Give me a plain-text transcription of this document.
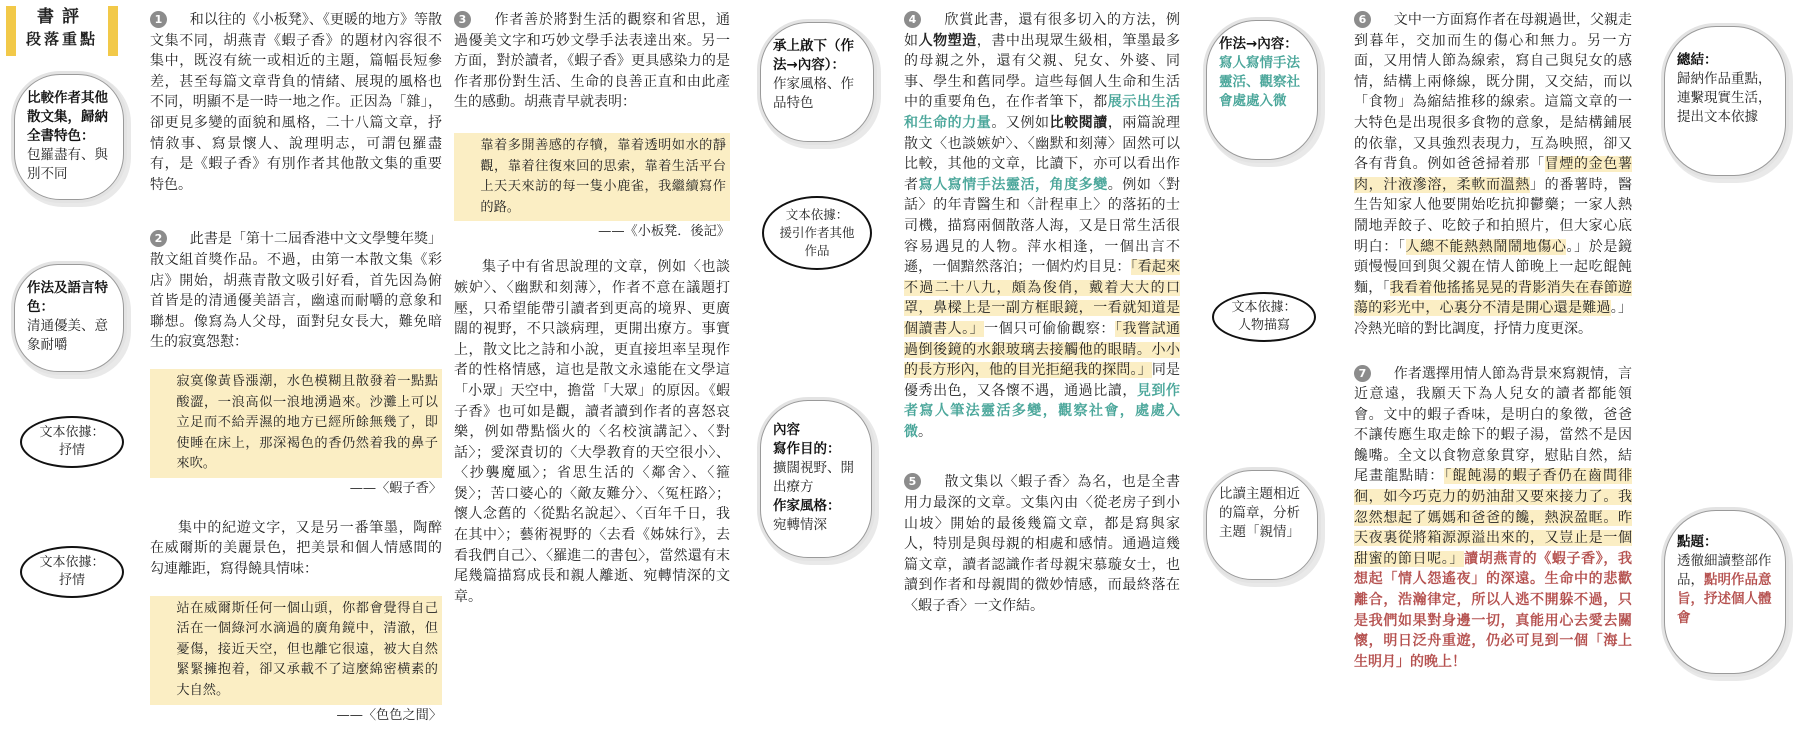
書評
段落重點
比較作者其他散文集，歸納全書特色：
包羅盡有、與別不同
作法及語言特色：
清通優美、意象耐嚼
文本依據：
抒情
文本依據：
抒情

1 和以往的《小板凳》、《更暖的地方》等散文集不同，胡燕青《蝦子香》的題材內容很不集中，既沒有統一或相近的主題，篇幅長短參差，甚至每篇文章背負的情緒、展現的風格也不同，明顯不是一時一地之作。正因為「雜」，卻更見多變的面貌和風格，二十八篇文章，抒情敘事、寫景懷人、說理明志，可謂包羅盡有，是《蝦子香》有別作者其他散文集的重要特色。

2 此書是「第十二屆香港中文文學雙年獎」散文組首獎作品。不過，由第一本散文集《彩店》開始，胡燕青散文吸引好看，首先因為俯首皆是的清通優美語言，幽遠而耐嚼的意象和聯想。像寫為人父母，面對兒女長大，難免暗生的寂寞怨懟：

寂寞像黃昏漲潮，水色模糊且散發着一點點酸澀，一浪高似一浪地湧過來。沙灘上可以立足而不給弄濕的地方已經所餘無幾了，即使睡在床上，那深褐色的香仍然着我的鼻子來吹。

——〈蝦子香〉

集中的紀遊文字，又是另一番筆墨，陶醉在威爾斯的美麗景色，把美景和個人情感間的勾連離距，寫得饒具情味：

站在威爾斯任何一個山頭，你都會覺得自己活在一個綠河水滴過的廣角鏡中，清澈，但憂傷，接近天空，但也離它很遠，被大自然緊緊擁抱着，卻又承載不了這麼綿密横素的大自然。

——〈色色之間〉

3 作者善於將對生活的觀察和省思，通過優美文字和巧妙文學手法表達出來。另一方面，對於讀者，《蝦子香》更具感染力的是作者那份對生活、生命的良善正直和由此產生的感動。胡燕青早就表明：

靠着多開善感的存犢，靠着透明如水的靜觀，靠着往復來回的思索，靠着生活平台上天天來訪的每一隻小鹿雀，我繼續寫作的路。

——《小板凳．後記》

集子中有省思說理的文章，例如〈也談嫉妒〉、〈幽默和刻薄〉，作者不意在議題打壓，只希望能帶引讀者到更高的境界、更廣闊的視野，不只談病理，更開出療方。事實上，散文比之詩和小說，更直接坦率呈現作者的性格情感，這也是散文永遠能在文學這「小眾」天空中，擔當「大眾」的原因。《蝦子香》也可如是觀，讀者讀到作者的喜怒哀樂，例如帶點惱火的〈名校演講記〉、〈對話〉；愛深責切的〈大學教育的天空很小〉、〈抄襲魔風〉；省思生活的〈鄰舍〉、〈箍煲〉；苦口婆心的〈敵友難分〉、〈冤枉路〉；懷人念舊的〈從點名說起〉、〈百年千日，我在其中〉；藝術視野的〈去看《姊妹行》，去看我們自己〉、〈羅進二的書包〉，當然還有末尾幾篇描寫成長和親人離逝、宛轉情深的文章。

承上啟下（作法→內容）：
作家風格、作品特色
文本依據：
援引作者其他作品
內容
寫作目的：
擴闊視野、開出療方
作家風格：
宛轉情深

4 欣賞此書，還有很多切入的方法，例如人物塑造，書中出現眾生級相，筆墨最多的母親之外，還有父親、兒女、外婆、同事、學生和舊同學。這些每個人生命和生活中的重要角色，在作者筆下，都展示出生活和生命的力量。又例如比較閱讀，兩篇說理散文〈也談嫉妒〉、〈幽默和刻薄〉固然可以比較，其他的文章，比讀下，亦可以看出作者寫人寫情手法靈活，角度多變。例如〈對話〉的年青醫生和〈計程車上〉的落拓的士司機，描寫兩個散落人海，又是日常生活很容易遇見的人物。萍水相逢，一個出言不遜，一個黯然落泊；一個灼灼目見：「看起來不過二十八九，頗為俊俏，戴着大大的口罩，鼻樑上是一副方框眼鏡，一看就知道是個讀書人。」一個只可偷偷觀察：「我嘗試通過倒後鏡的水銀玻璃去接觸他的眼睛。小小的長方形內，他的目光拒絕我的探問。」同是優秀出色，又各懷不遇，通過比讀，見到作者寫人筆法靈活多變，觀察社會，處處入微。

5 散文集以〈蝦子香〉為名，也是全書用力最深的文章。文集內由〈從老房子到小山坡〉開始的最後幾篇文章，都是寫與家人，特別是與母親的相處和感情。通過這幾篇文章，讀者認識作者母親宋慕璇女士，也讀到作者和母親間的微妙情感，而最終落在〈蝦子香〉一文作結。

作法→內容：
寫人寫情手法靈活、觀察社會處處入微
文本依據：
人物描寫
比讀主題相近的篇章，分析主題「親情」

6 文中一方面寫作者在母親過世，父親走到暮年，交加而生的傷心和無力。另一方面，又用情人節為線索，寫自己與兒女的感情，結構上兩條線，既分開，又交結，而以「食物」為縮結推移的線索。這篇文章的一大特色是出現很多食物的意象，是結構鋪展的依靠，又具強烈表現力，互為映照，卻又各有背負。例如爸爸掃着那「冒煙的金色薯肉，汁液滲溶，柔軟而溫熱」的番薯時，醫生告知家人他要開始吃抗抑鬱藥；一家人熱鬧地弄餃子、吃餃子和拍照片，但大家心底明白：「人總不能熱熱鬧鬧地傷心。」於是鏡頭慢慢回到與父親在情人節晚上一起吃餛飩麵，「我看着他搖搖晃晃的背影消失在春節遊蕩的彩光中，心裏分不清是開心還是難過。」冷熱光暗的對比調度，抒情力度更深。

7 作者選擇用情人節為背景來寫親情，言近意遠，我願天下為人兒女的讀者都能領會。文中的蝦子香味，是明白的象徵，爸爸不讓传應生取走餘下的蝦子湯，當然不是因饞嘴。全文以食物意象貫穿，慰貼自然，結尾畫龍點睛：「餛飩湯的蝦子香仍在齒間徘徊，如今巧克力的奶油甜又要來接力了。我忽然想起了媽媽和爸爸的饞，熱淚盈眶。昨天夜裏從將箱源源溢出來的，又豈止是一個甜蜜的節日呢。」讀胡燕青的《蝦子香》，我想起「情人怨遙夜」的深遠。生命中的悲歡離合，浩瀚律定，所以人逃不開躲不過，只是我們如果對身邊一切，真能用心去愛去關懷，明日泛舟重遊，仍必可見到一個「海上生明月」的晚上！

總結：
歸納作品重點，連繫現實生活，提出文本依據
點題：
透徹細讀整部作品，點明作品意旨，抒述個人體會
